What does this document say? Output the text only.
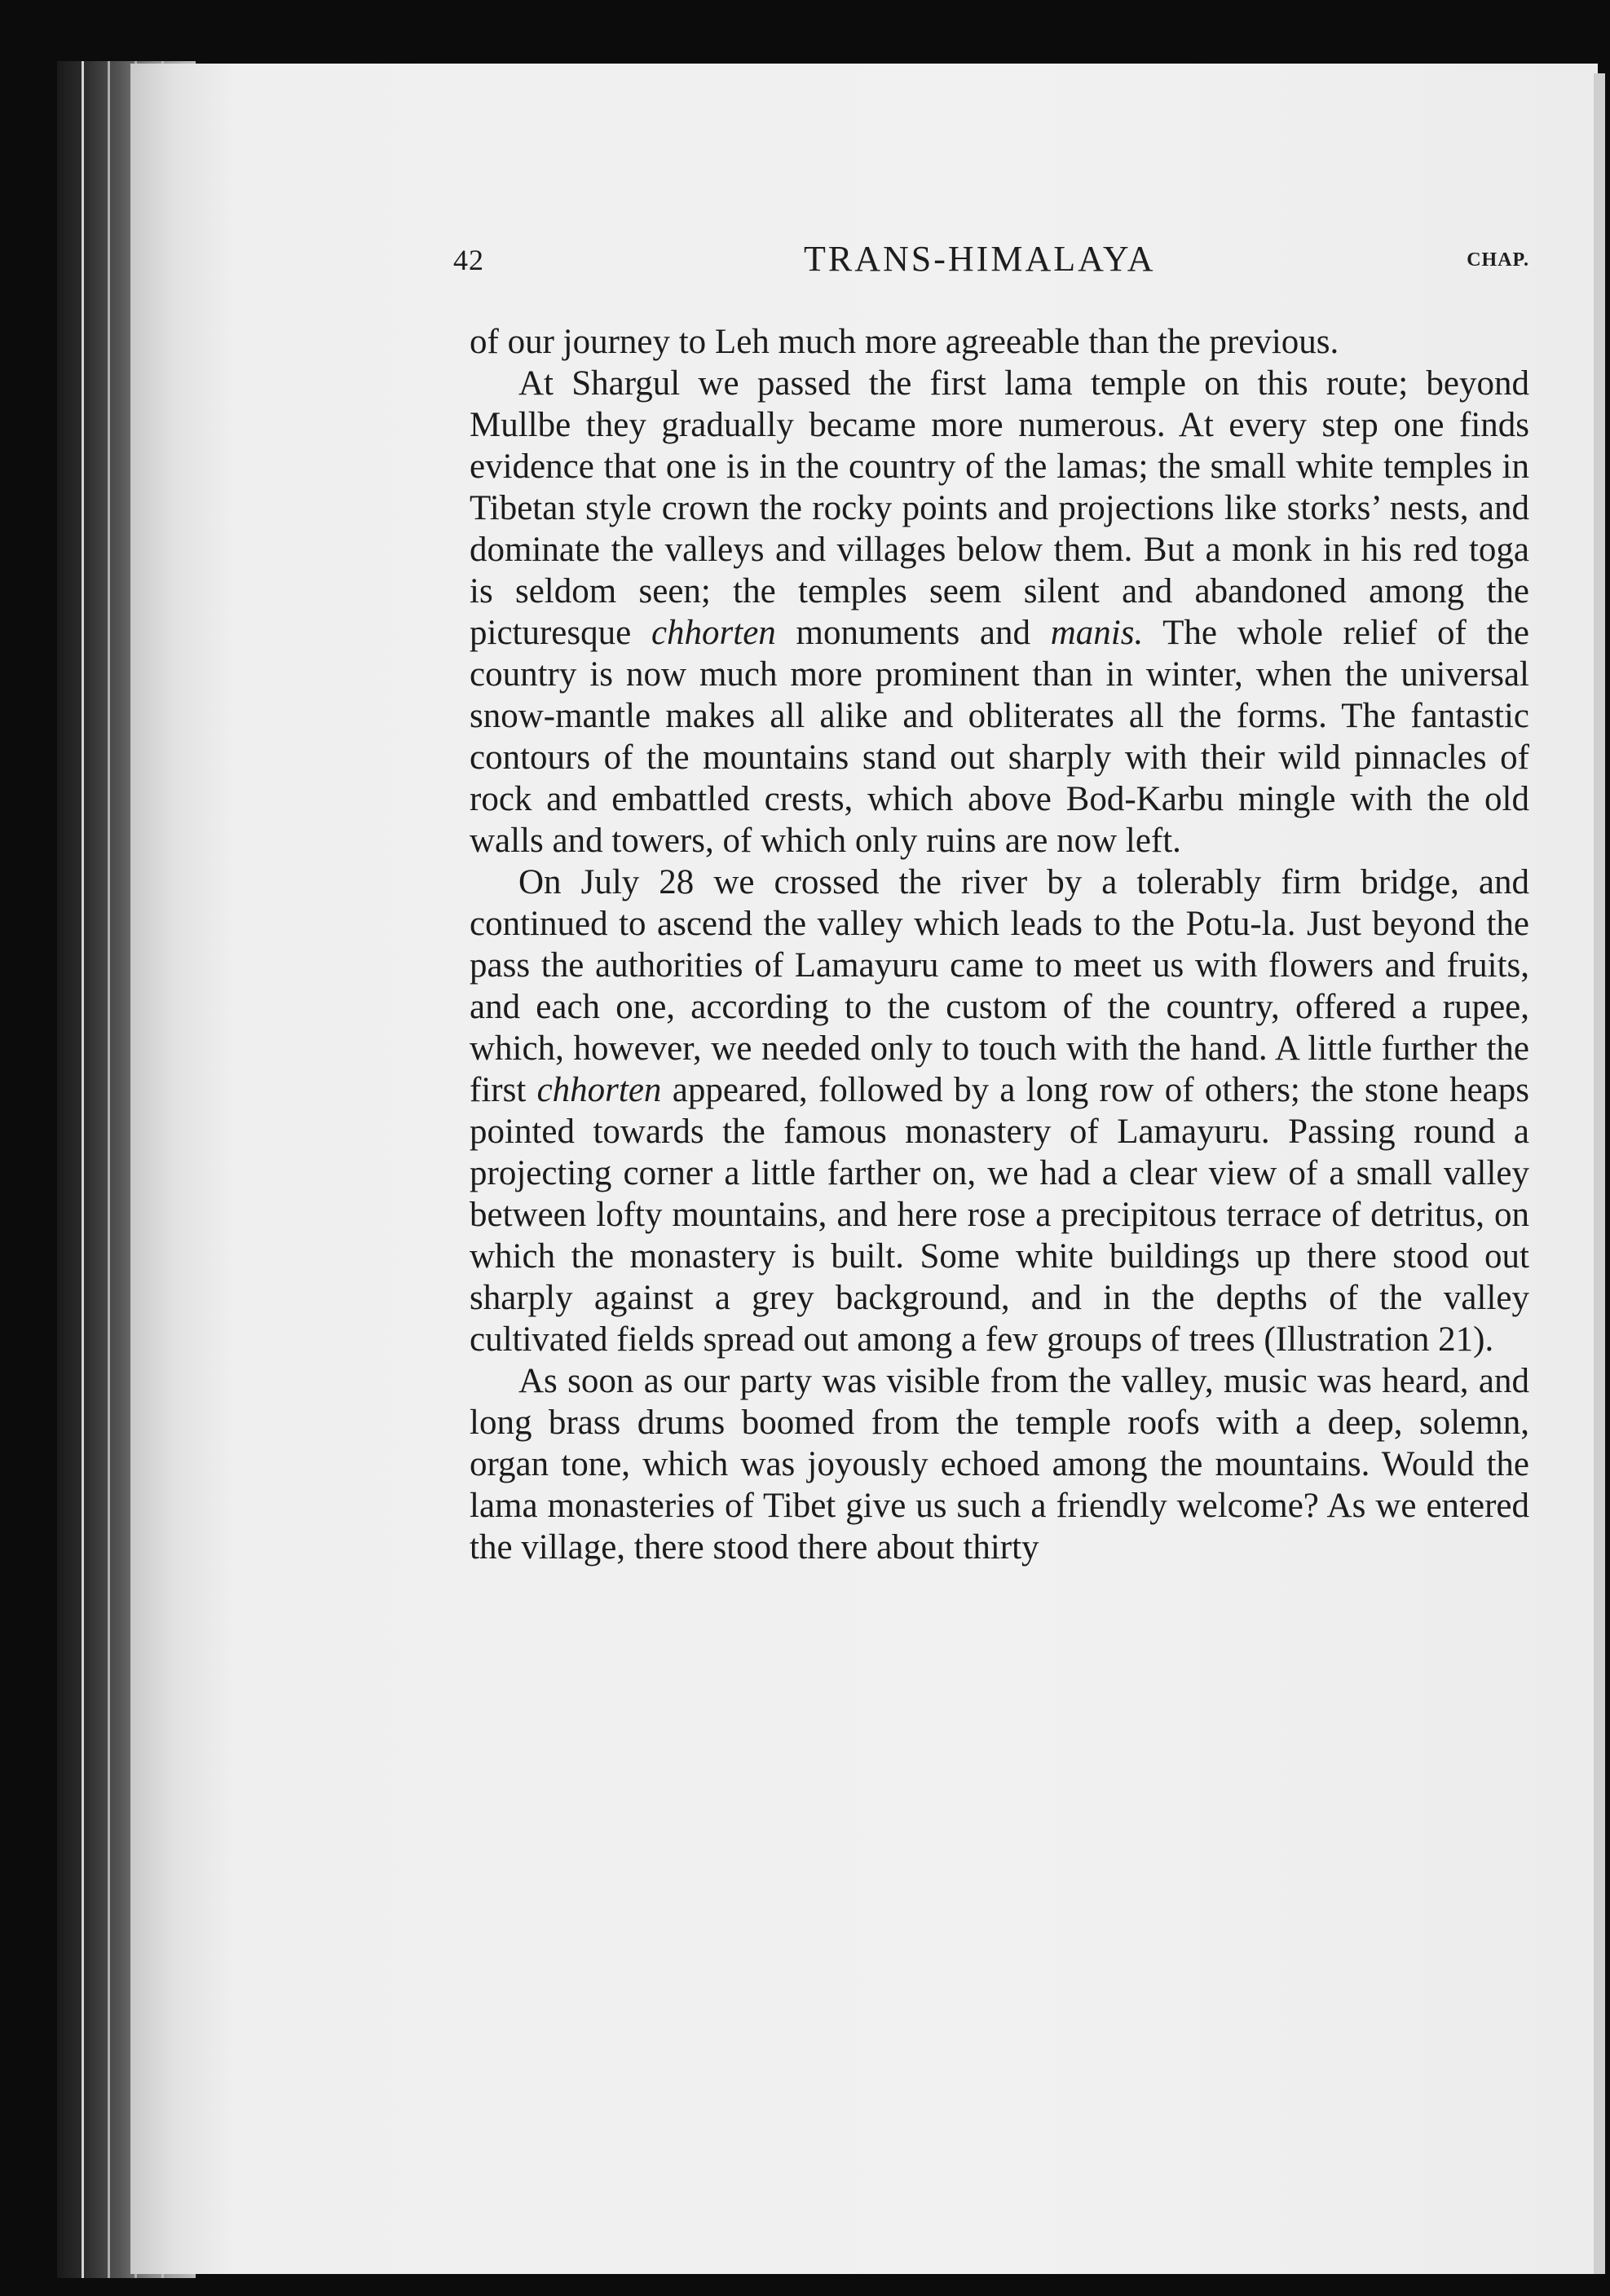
42	TRANS-HIMALAYA	CHAP.

of our journey to Leh much more agreeable than the previous.

At Shargul we passed the first lama temple on this route; beyond Mullbe they gradually became more numerous. At every step one finds evidence that one is in the country of the lamas; the small white temples in Tibetan style crown the rocky points and projections like storks’ nests, and dominate the valleys and villages below them. But a monk in his red toga is seldom seen; the temples seem silent and abandoned among the picturesque chhorten monuments and manis. The whole relief of the country is now much more prominent than in winter, when the universal snow-mantle makes all alike and obliterates all the forms. The fantastic contours of the mountains stand out sharply with their wild pinnacles of rock and embattled crests, which above Bod-Karbu mingle with the old walls and towers, of which only ruins are now left.

On July 28 we crossed the river by a tolerably firm bridge, and continued to ascend the valley which leads to the Potu-la. Just beyond the pass the authorities of Lamayuru came to meet us with flowers and fruits, and each one, according to the custom of the country, offered a rupee, which, however, we needed only to touch with the hand. A little further the first chhorten appeared, followed by a long row of others; the stone heaps pointed towards the famous monastery of Lamayuru. Passing round a projecting corner a little farther on, we had a clear view of a small valley between lofty mountains, and here rose a precipitous terrace of detritus, on which the monastery is built. Some white buildings up there stood out sharply against a grey background, and in the depths of the valley cultivated fields spread out among a few groups of trees (Illustration 21).

As soon as our party was visible from the valley, music was heard, and long brass drums boomed from the temple roofs with a deep, solemn, organ tone, which was joyously echoed among the mountains. Would the lama monasteries of Tibet give us such a friendly welcome? As we entered the village, there stood there about thirty
